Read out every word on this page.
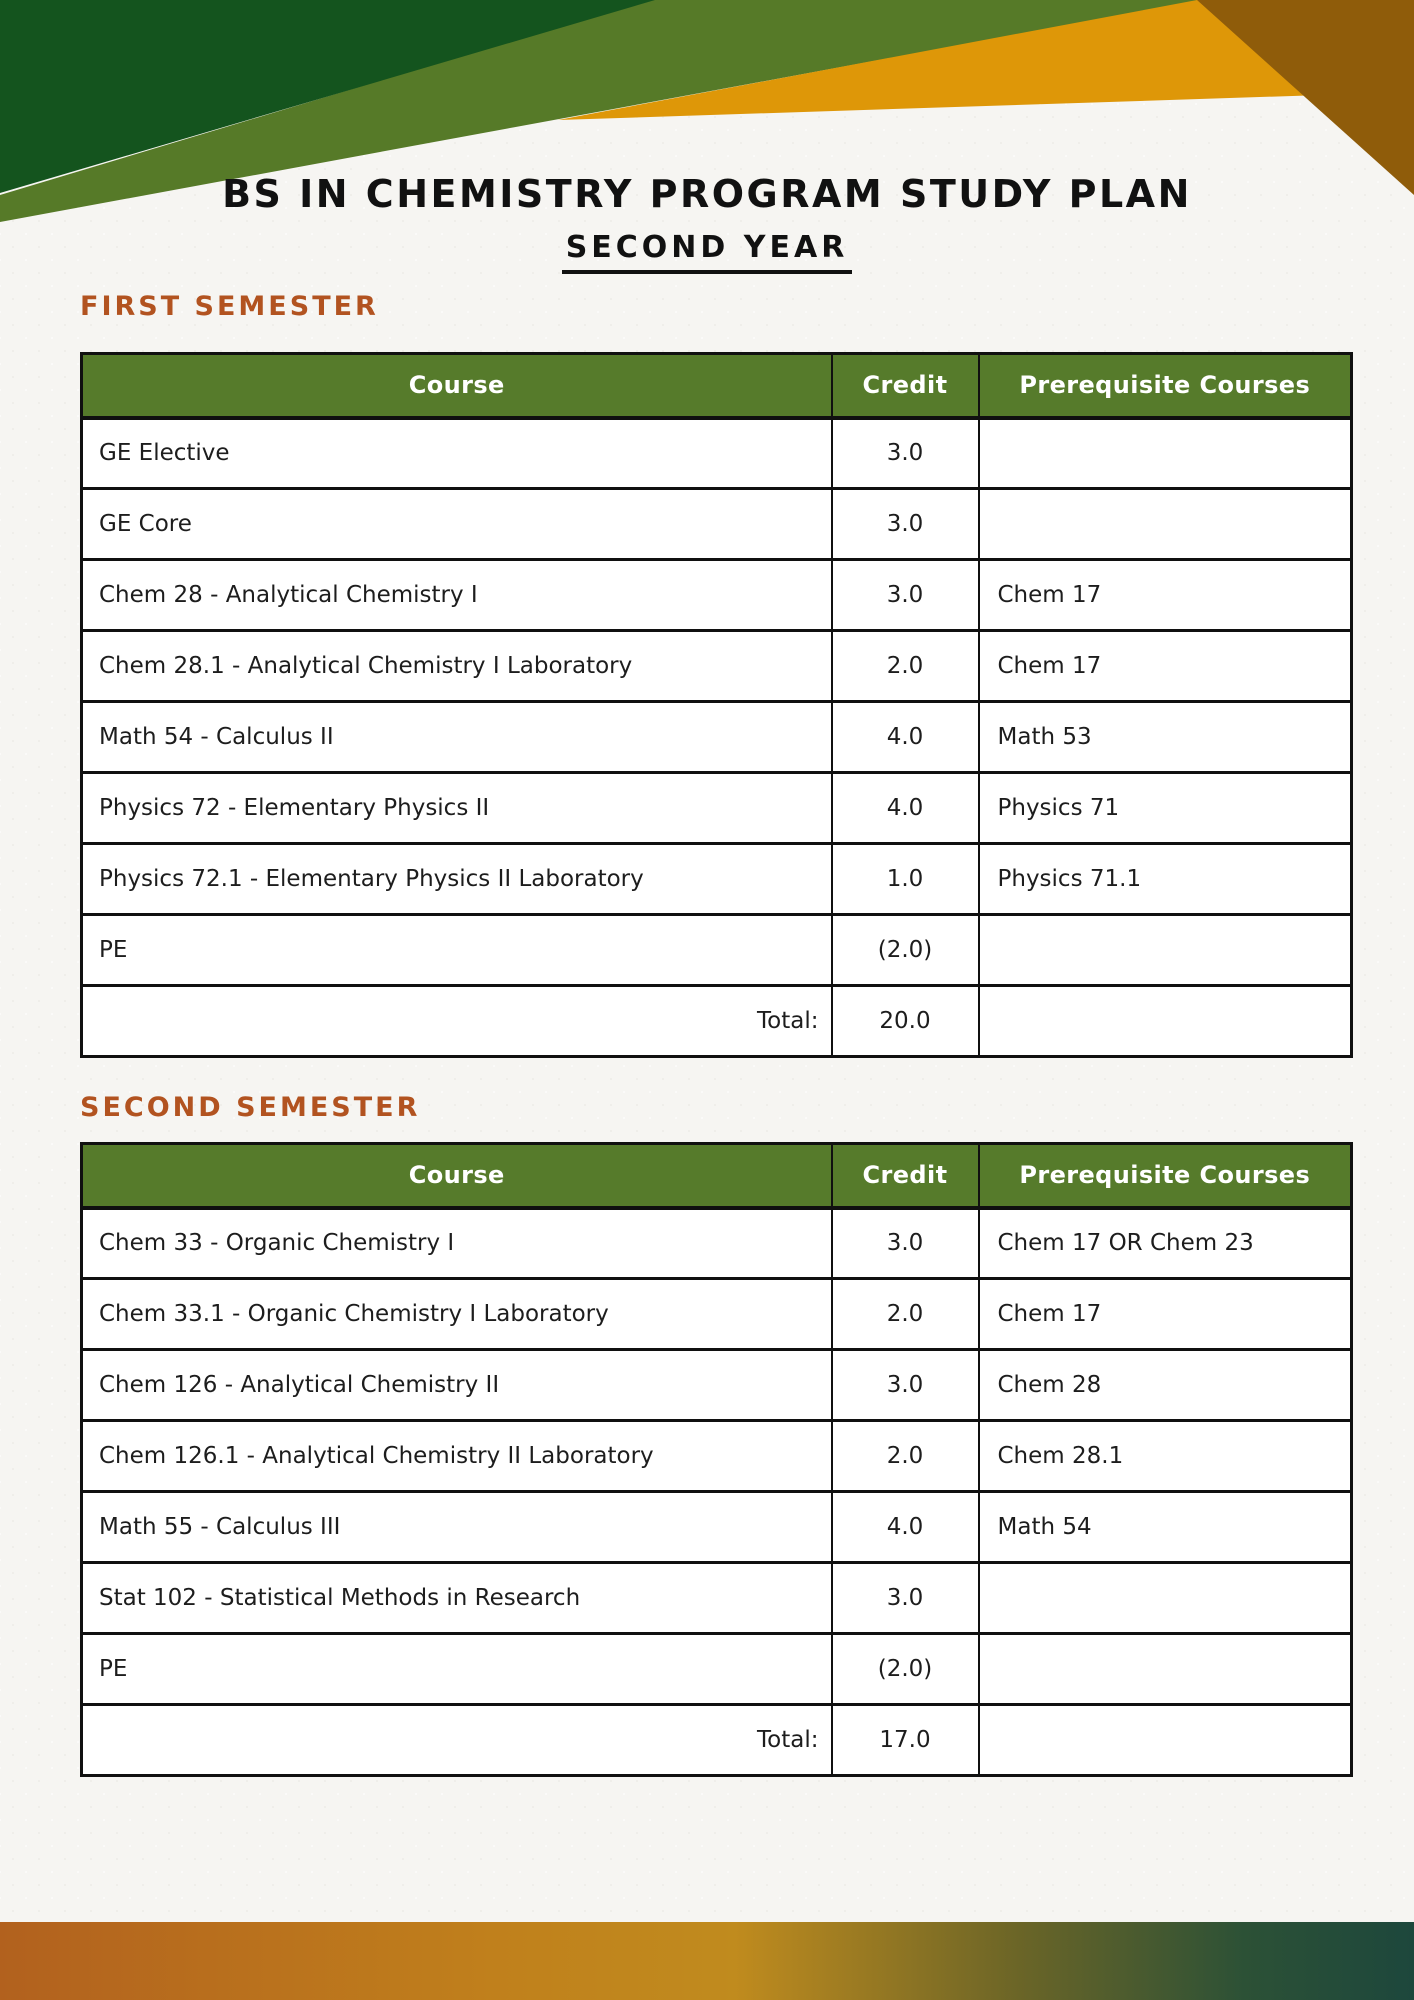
BS IN CHEMISTRY PROGRAM STUDY PLAN
SECOND YEAR
FIRST SEMESTER
Course	Credit	Prerequisite Courses
GE Elective	3.0	
GE Core	3.0	
Chem 28 - Analytical Chemistry I	3.0	Chem 17
Chem 28.1 - Analytical Chemistry I Laboratory	2.0	Chem 17
Math 54 - Calculus II	4.0	Math 53
Physics 72 - Elementary Physics II	4.0	Physics 71
Physics 72.1 - Elementary Physics II Laboratory	1.0	Physics 71.1
PE	(2.0)	
Total:	20.0	
SECOND SEMESTER
Course	Credit	Prerequisite Courses
Chem 33 - Organic Chemistry I	3.0	Chem 17 OR Chem 23
Chem 33.1 - Organic Chemistry I Laboratory	2.0	Chem 17
Chem 126 - Analytical Chemistry II	3.0	Chem 28
Chem 126.1 - Analytical Chemistry II Laboratory	2.0	Chem 28.1
Math 55 - Calculus III	4.0	Math 54
Stat 102 - Statistical Methods in Research	3.0	
PE	(2.0)	
Total:	17.0	
